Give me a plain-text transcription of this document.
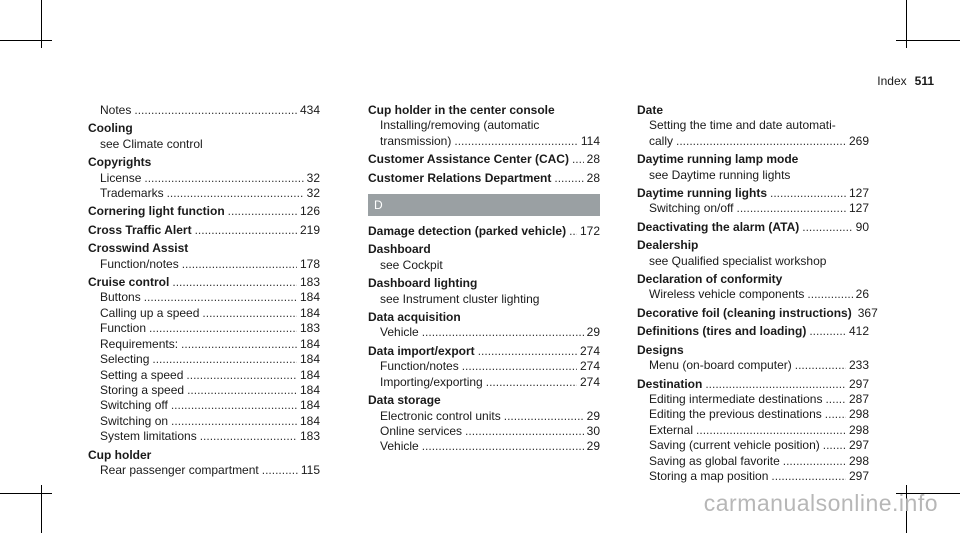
Index 511
Notes .....	434
Cooling
see Climate control
Copyrights
License .....	32
Trademarks .....	32
Cornering light function .....	126
Cross Traffic Alert .....	219
Crosswind Assist
Function/notes .....	178
Cruise control .....	183
Buttons .....	184
Calling up a speed .....	184
Function .....	183
Requirements: .....	184
Selecting .....	184
Setting a speed .....	184
Storing a speed .....	184
Switching off .....	184
Switching on .....	184
System limitations .....	183
Cup holder
Rear passenger compartment .....	115
Cup holder in the center console
Installing/removing (automatic
transmission) .....	114
Customer Assistance Center (CAC) ..... 28
Customer Relations Department .....	28
D
Damage detection (parked vehicle) ..... 172
Dashboard
see Cockpit
Dashboard lighting
see Instrument cluster lighting
Data acquisition
Vehicle .....	29
Data import/export .....	274
Function/notes .....	274
Importing/exporting .....	274
Data storage
Electronic control units .....	29
Online services .....	30
Vehicle .....	29
Date
Setting the time and date automati-
cally .....	269
Daytime running lamp mode
see Daytime running lights
Daytime running lights .....	127
Switching on/off .....	127
Deactivating the alarm (ATA) .....	90
Dealership
see Qualified specialist workshop
Declaration of conformity
Wireless vehicle components .....	26
Decorative foil (cleaning instructions) 367
Definitions (tires and loading) .....	412
Designs
Menu (on-board computer) .....	233
Destination .....	297
Editing intermediate destinations ..... 287
Editing the previous destinations ..... 298
External .....	298
Saving (current vehicle position) ..... 297
Saving as global favorite .....	298
Storing a map position .....	297
carmanualsonline.info
